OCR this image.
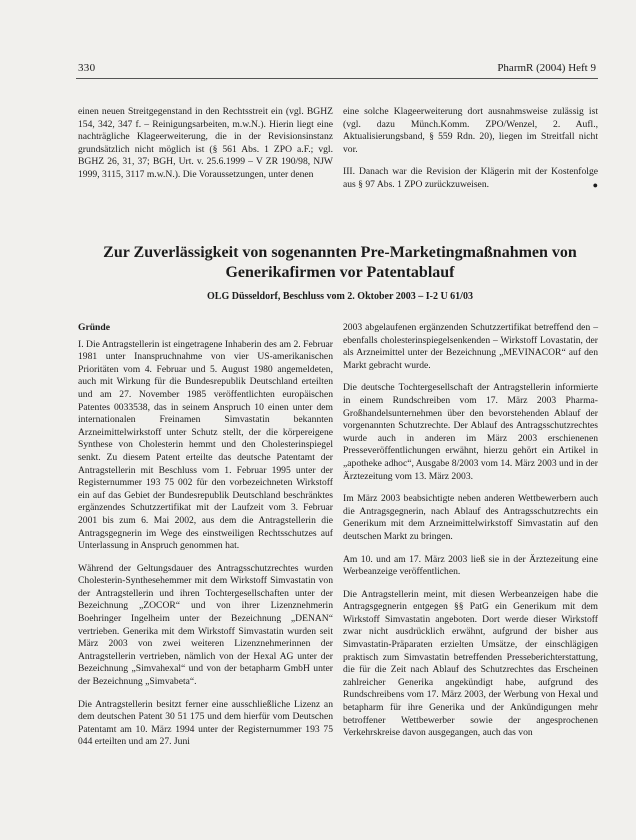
330	PharmR (2004) Heft 9

einen neuen Streitgegenstand in den Rechtsstreit ein (vgl. BGHZ 154, 342, 347 f. – Reinigungsarbeiten, m.w.N.). Hierin liegt eine nachträgliche Klageerweiterung, die in der Revisionsinstanz grundsätzlich nicht möglich ist (§ 561 Abs. 1 ZPO a.F.; vgl. BGHZ 26, 31, 37; BGH, Urt. v. 25.6.1999 – V ZR 190/98, NJW 1999, 3115, 3117 m.w.N.). Die Voraussetzungen, unter denen

eine solche Klageerweiterung dort ausnahmsweise zulässig ist (vgl. dazu Münch.Komm. ZPO/Wenzel, 2. Aufl., Aktualisierungsband, § 559 Rdn. 20), liegen im Streitfall nicht vor.

III. Danach war die Revision der Klägerin mit der Kostenfolge aus § 97 Abs. 1 ZPO zurückzuweisen.	●

Zur Zuverlässigkeit von sogenannten Pre-Marketingmaßnahmen von Generikafirmen vor Patentablauf
OLG Düsseldorf, Beschluss vom 2. Oktober 2003 – I-2 U 61/03

Gründe

I. Die Antragstellerin ist eingetragene Inhaberin des am 2. Februar 1981 unter Inanspruchnahme von vier US-amerikanischen Prioritäten vom 4. Februar und 5. August 1980 angemeldeten, auch mit Wirkung für die Bundesrepublik Deutschland erteilten und am 27. November 1985 veröffentlichten europäischen Patentes 0033538, das in seinem Anspruch 10 einen unter dem internationalen Freinamen Simvastatin bekannten Arzneimittelwirkstoff unter Schutz stellt, der die körpereigene Synthese von Cholesterin hemmt und den Cholesterinspiegel senkt. Zu diesem Patent erteilte das deutsche Patentamt der Antragstellerin mit Beschluss vom 1. Februar 1995 unter der Registernummer 193 75 002 für den vorbezeichneten Wirkstoff ein auf das Gebiet der Bundesrepublik Deutschland beschränktes ergänzendes Schutzzertifikat mit der Laufzeit vom 3. Februar 2001 bis zum 6. Mai 2002, aus dem die Antragstellerin die Antragsgegnerin im Wege des einstweiligen Rechtsschutzes auf Unterlassung in Anspruch genommen hat.

Während der Geltungsdauer des Antragsschutzrechtes wurden Cholesterin-Synthesehemmer mit dem Wirkstoff Simvastatin von der Antragstellerin und ihren Tochtergesellschaften unter der Bezeichnung „ZOCOR“ und von ihrer Lizenznehmerin Boehringer Ingelheim unter der Bezeichnung „DENAN“ vertrieben. Generika mit dem Wirkstoff Simvastatin wurden seit März 2003 von zwei weiteren Lizenznehmerinnen der Antragstellerin vertrieben, nämlich von der Hexal AG unter der Bezeichnung „Simvahexal“ und von der betapharm GmbH unter der Bezeichnung „Simvabeta“.

Die Antragstellerin besitzt ferner eine ausschließliche Lizenz an dem deutschen Patent 30 51 175 und dem hierfür vom Deutschen Patentamt am 10. März 1994 unter der Registernummer 193 75 044 erteilten und am 27. Juni

2003 abgelaufenen ergänzenden Schutzzertifikat betreffend den – ebenfalls cholesterinspiegelsenkenden – Wirkstoff Lovastatin, der als Arzneimittel unter der Bezeichnung „MEVINACOR“ auf den Markt gebracht wurde.

Die deutsche Tochtergesellschaft der Antragstellerin informierte in einem Rundschreiben vom 17. März 2003 Pharma-Großhandelsunternehmen über den bevorstehenden Ablauf der vorgenannten Schutzrechte. Der Ablauf des Antragsschutzrechtes wurde auch in anderen im März 2003 erschienenen Presseveröffentlichungen erwähnt, hierzu gehört ein Artikel in „apotheke adhoc“, Ausgabe 8/2003 vom 14. März 2003 und in der Ärztezeitung vom 13. März 2003.

Im März 2003 beabsichtigte neben anderen Wettbewerbern auch die Antragsgegnerin, nach Ablauf des Antragsschutzrechts ein Generikum mit dem Arzneimittelwirkstoff Simvastatin auf den deutschen Markt zu bringen.

Am 10. und am 17. März 2003 ließ sie in der Ärztezeitung eine Werbeanzeige veröffentlichen.

Die Antragstellerin meint, mit diesen Werbeanzeigen habe die Antragsgegnerin entgegen §§ PatG ein Generikum mit dem Wirkstoff Simvastatin angeboten. Dort werde dieser Wirkstoff zwar nicht ausdrücklich erwähnt, aufgrund der bisher aus Simvastatin-Präparaten erzielten Umsätze, der einschlägigen praktisch zum Simvastatin betreffenden Presseberichterstattung, die für die Zeit nach Ablauf des Schutzrechtes das Erscheinen zahlreicher Generika angekündigt habe, aufgrund des Rundschreibens vom 17. März 2003, der Werbung von Hexal und betapharm für ihre Generika und der Ankündigungen mehr betroffener Wettbewerber sowie der angesprochenen Verkehrskreise davon ausgegangen, auch das von
